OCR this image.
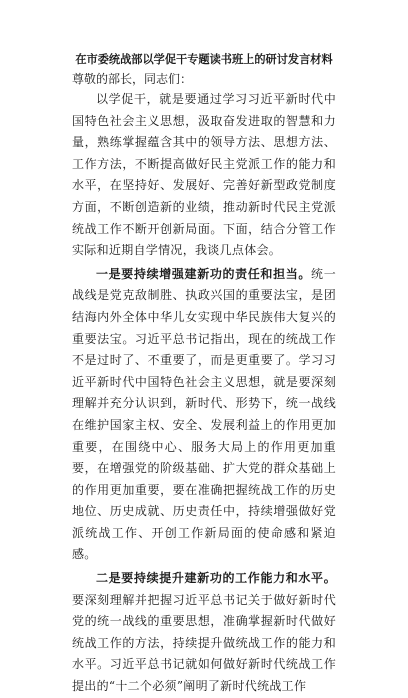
在市委统战部以学促干专题读书班上的研讨发言材料
尊敬的部长，同志们：

以学促干，就是要通过学习习近平新时代中国特色社会主义思想，汲取奋发进取的智慧和力量，熟练掌握蕴含其中的领导方法、思想方法、工作方法，不断提高做好民主党派工作的能力和水平，在坚持好、发展好、完善好新型政党制度方面，不断创造新的业绩，推动新时代民主党派统战工作不断开创新局面。下面，结合分管工作实际和近期自学情况，我谈几点体会。

一是要持续增强建新功的责任和担当。统一战线是党克敌制胜、执政兴国的重要法宝，是团结海内外全体中华儿女实现中华民族伟大复兴的重要法宝。习近平总书记指出，现在的统战工作不是过时了、不重要了，而是更重要了。学习习近平新时代中国特色社会主义思想，就是要深刻理解并充分认识到，新时代、形势下，统一战线在维护国家主权、安全、发展利益上的作用更加重要，在围绕中心、服务大局上的作用更加重要，在增强党的阶级基础、扩大党的群众基础上的作用更加重要，要在准确把握统战工作的历史地位、历史成就、历史责任中，持续增强做好党派统战工作、开创工作新局面的使命感和紧迫感。

二是要持续提升建新功的工作能力和水平。要深刻理解并把握习近平总书记关于做好新时代党的统一战线的重要思想，准确掌握新时代做好统战工作的方法，持续提升做统战工作的能力和水平。习近平总书记就如何做好新时代统战工作提出的“十二个必须”阐明了新时代统战工作
